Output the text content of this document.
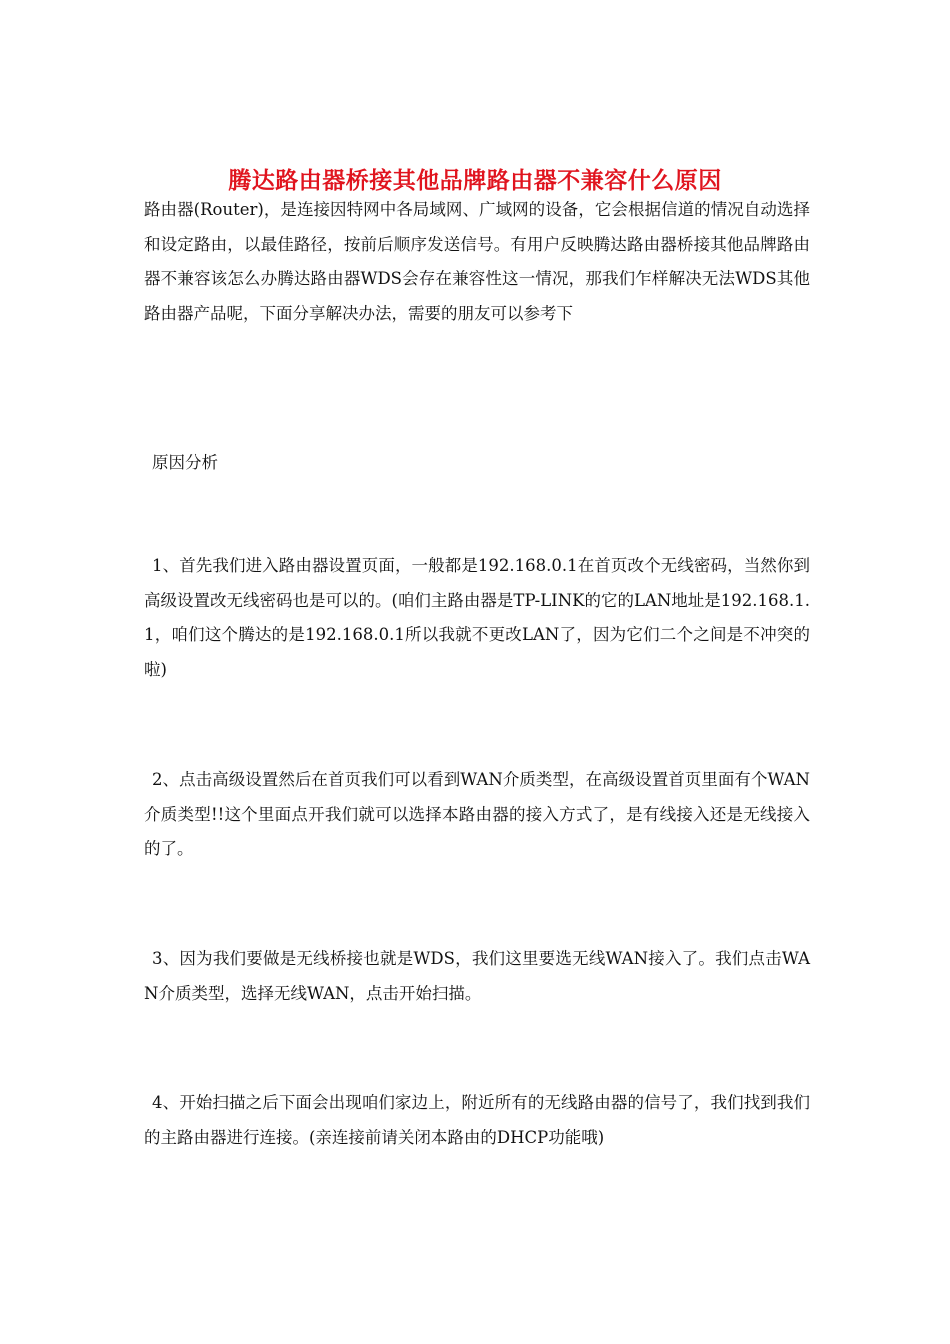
腾达路由器桥接其他品牌路由器不兼容什么原因

路由器(Router)，是连接因特网中各局域网、广域网的设备，它会根据信道的情况自动选择和设定路由，以最佳路径，按前后顺序发送信号。有用户反映腾达路由器桥接其他品牌路由器不兼容该怎么办腾达路由器WDS会存在兼容性这一情况，那我们乍样解决无法WDS其他路由器产品呢，下面分享解决办法，需要的朋友可以参考下

原因分析

1、首先我们进入路由器设置页面，一般都是192.168.0.1在首页改个无线密码，当然你到高级设置改无线密码也是可以的。(咱们主路由器是TP-LINK的它的LAN地址是192.168.1.1，咱们这个腾达的是192.168.0.1所以我就不更改LAN了，因为它们二个之间是不冲突的啦)

2、点击高级设置然后在首页我们可以看到WAN介质类型，在高级设置首页里面有个WAN介质类型!!这个里面点开我们就可以选择本路由器的接入方式了，是有线接入还是无线接入的了。

3、因为我们要做是无线桥接也就是WDS，我们这里要选无线WAN接入了。我们点击WAN介质类型，选择无线WAN，点击开始扫描。

4、开始扫描之后下面会出现咱们家边上，附近所有的无线路由器的信号了，我们找到我们的主路由器进行连接。(亲连接前请关闭本路由的DHCP功能哦)
